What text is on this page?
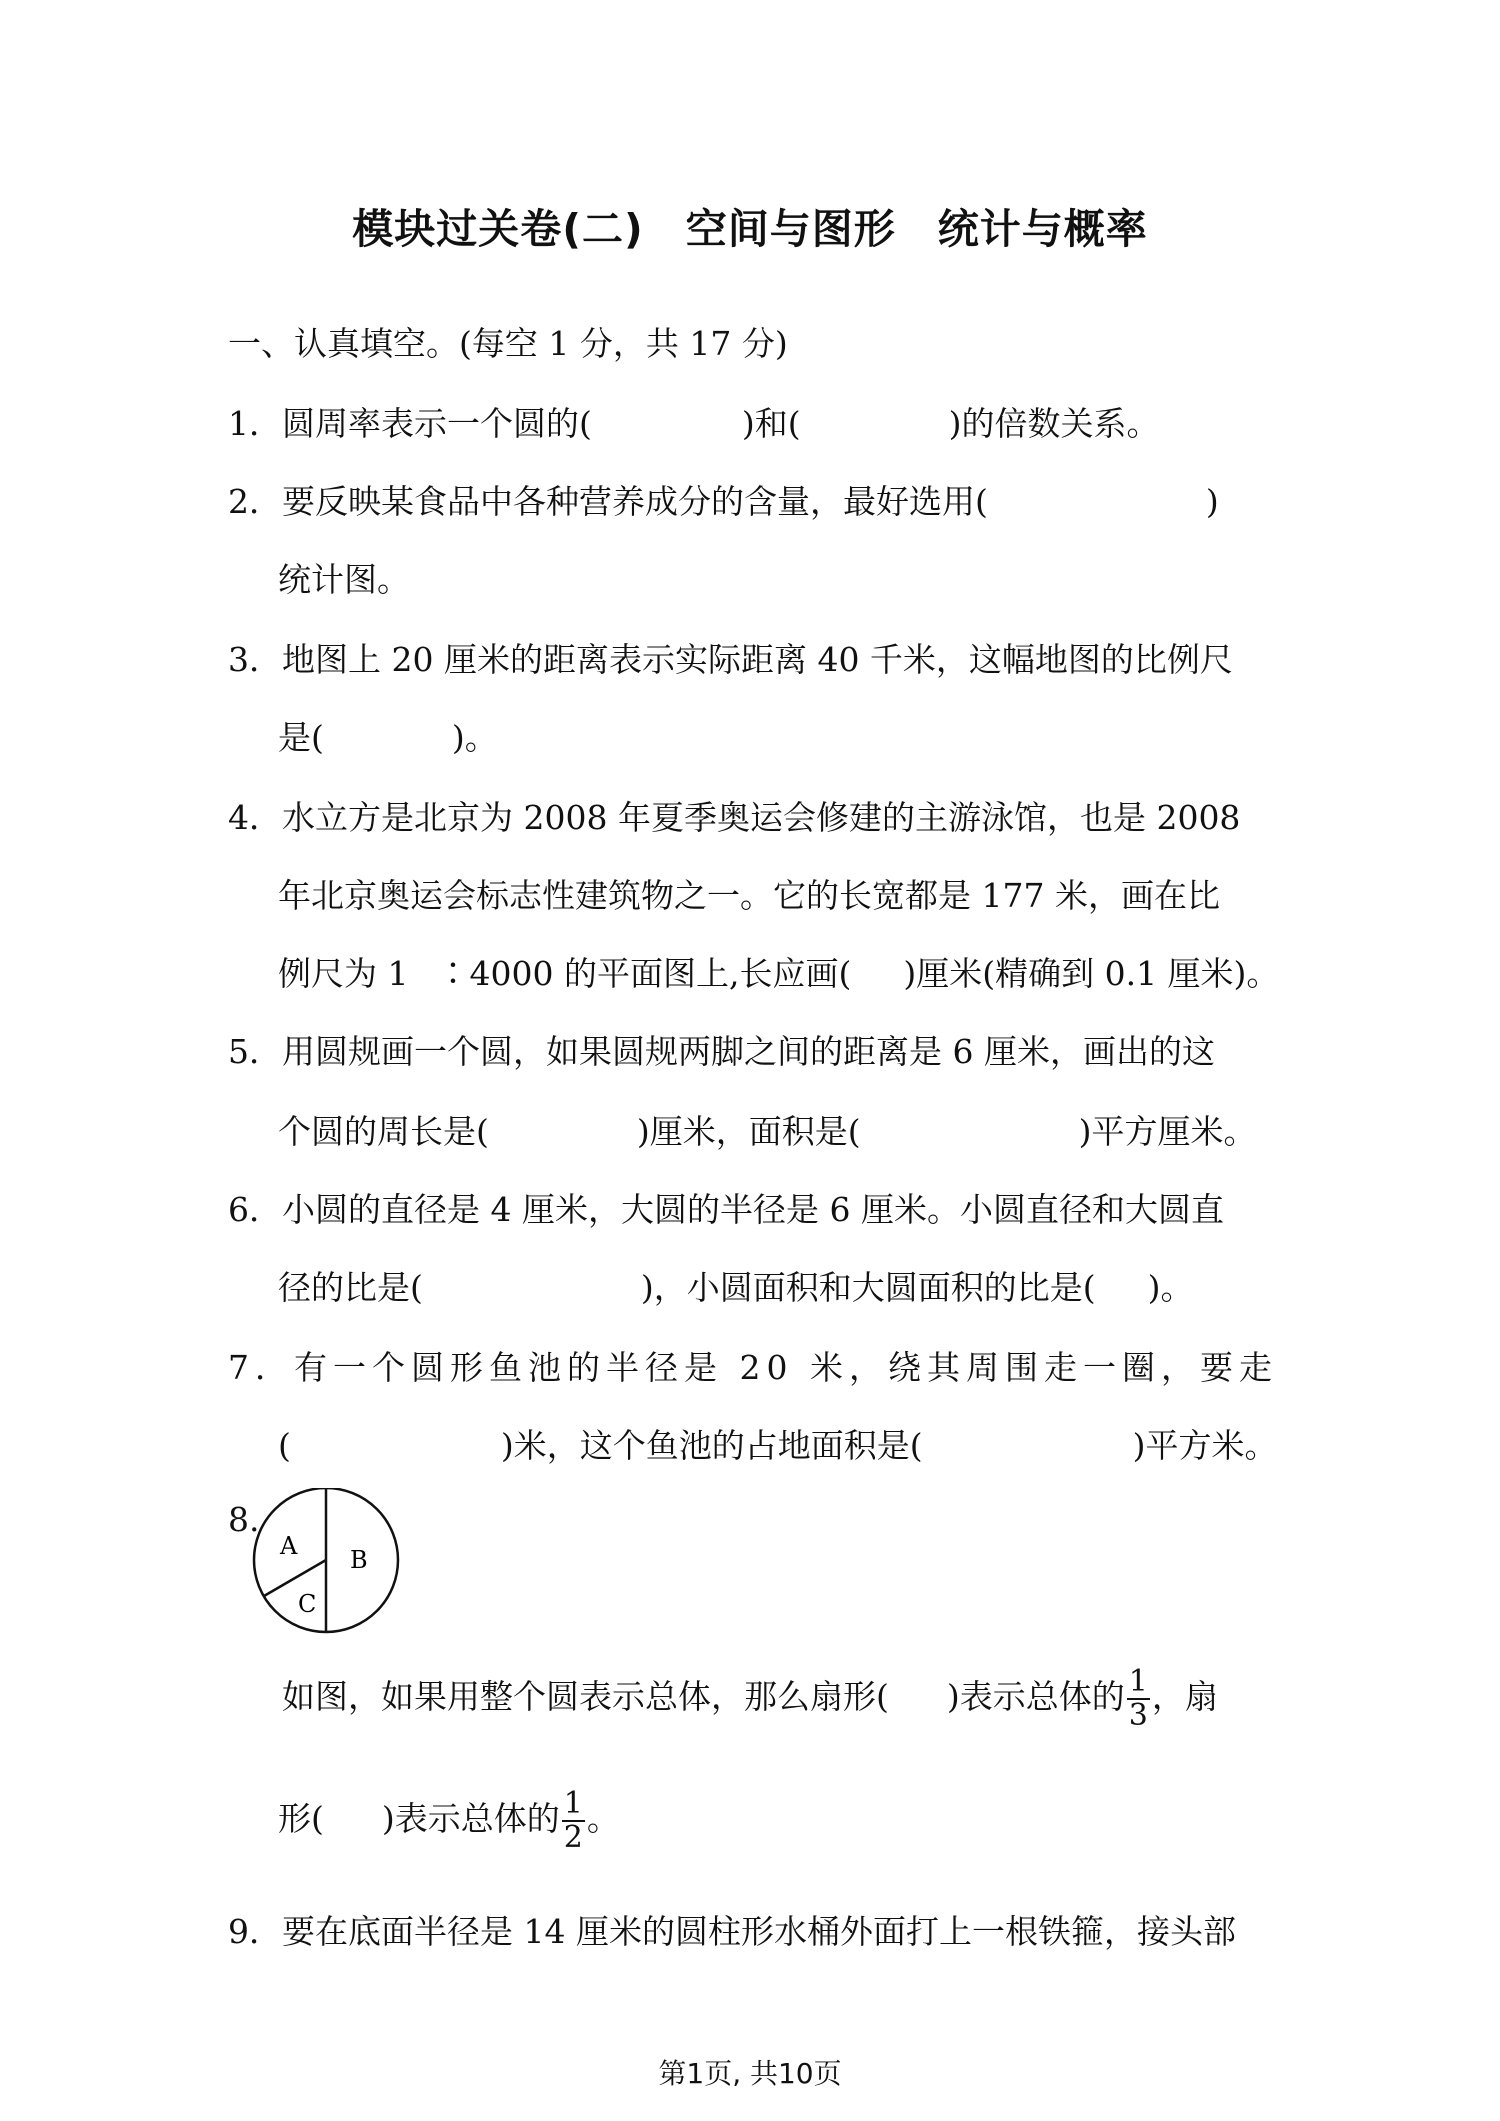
模块过关卷(二)　空间与图形　统计与概率
一、认真填空。(每空 1 分，共 17 分)
1．圆周率表示一个圆的(	)和(	)的倍数关系。
2．要反映某食品中各种营养成分的含量，最好选用(	)
统计图。
3．地图上 20 厘米的距离表示实际距离 40 千米，这幅地图的比例尺
是(	)。
4．水立方是北京为 2008 年夏季奥运会修建的主游泳馆，也是 2008
年北京奥运会标志性建筑物之一。它的长宽都是 177 米，画在比
例尺为 1 ∶4000 的平面图上,长应画( )厘米(精确到 0.1 厘米)。
5．用圆规画一个圆，如果圆规两脚之间的距离是 6 厘米，画出的这
个圆的周长是(	)厘米，面积是(	)平方厘米。
6．小圆的直径是 4 厘米，大圆的半径是 6 厘米。小圆直径和大圆直
径的比是(	)，小圆面积和大圆面积的比是( )。
7．有一个圆形鱼池的半径是 20 米，绕其周围走一圈，要走
(	)米，这个鱼池的占地面积是(	)平方米。
8.
A B
C
如图，如果用整个圆表示总体，那么扇形( )表示总体的 $\frac{1}{3}$ ，扇
形( )表示总体的 $\frac{1}{2}$ 。
9．要在底面半径是 14 厘米的圆柱形水桶外面打上一根铁箍，接头部
第1页, 共10页
